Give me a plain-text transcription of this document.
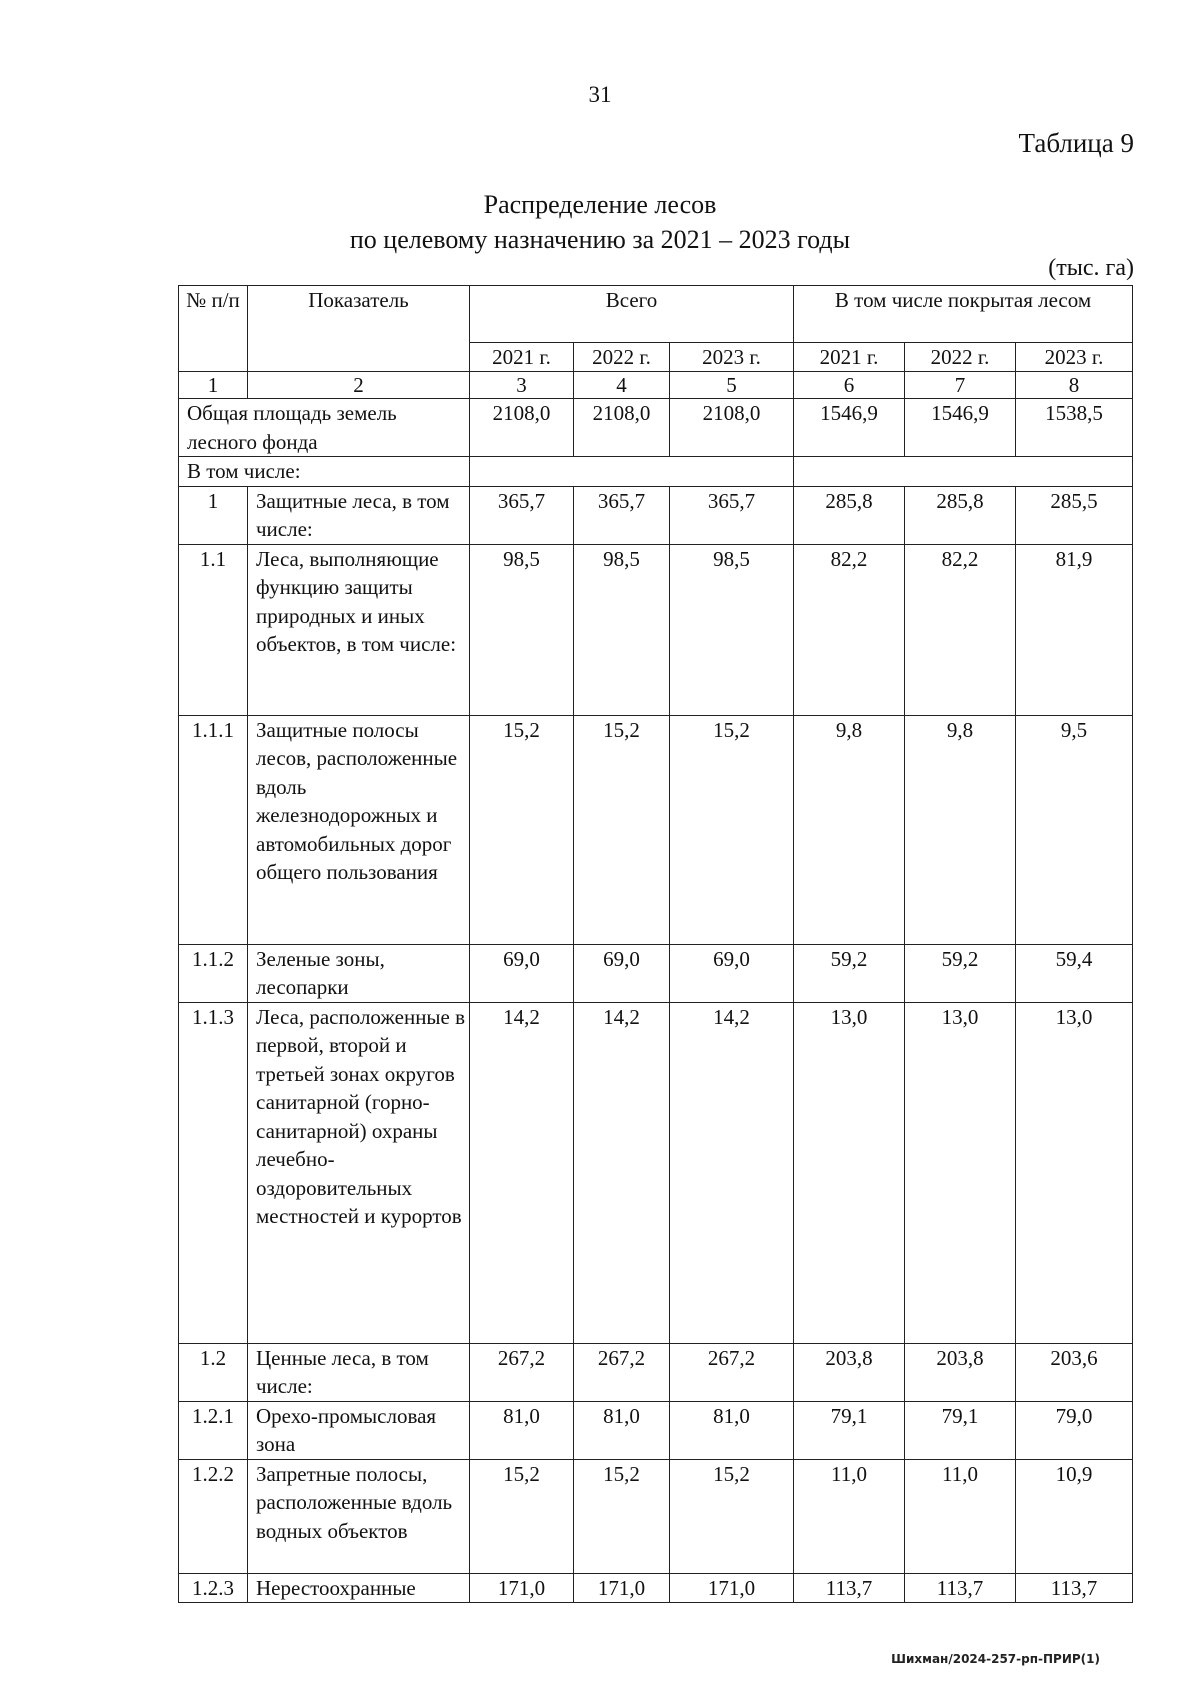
31
Таблица 9
Распределение лесов
по целевому назначению за 2021 – 2023 годы
(тыс. га)
№ п/п	Показатель	Всего			В том числе покрытая лесом		
		2021 г.	2022 г.	2023 г.	2021 г.	2022 г.	2023 г.
1	2	3	4	5	6	7	8
Общая площадь земель лесного фонда		2108,0	2108,0	2108,0	1546,9	1546,9	1538,5
В том числе:							
1	Защитные леса, в том числе:	365,7	365,7	365,7	285,8	285,8	285,5
1.1	Леса, выполняющие функцию защиты природных и иных объектов, в том числе:	98,5	98,5	98,5	82,2	82,2	81,9
1.1.1	Защитные полосы лесов, расположенные вдоль железнодорожных и автомобильных дорог общего пользования	15,2	15,2	15,2	9,8	9,8	9,5
1.1.2	Зеленые зоны, лесопарки	69,0	69,0	69,0	59,2	59,2	59,4
1.1.3	Леса, расположенные в первой, второй и третьей зонах округов санитарной (горно-санитарной) охраны лечебно-оздоровительных местностей и курортов	14,2	14,2	14,2	13,0	13,0	13,0
1.2	Ценные леса, в том числе:	267,2	267,2	267,2	203,8	203,8	203,6
1.2.1	Орехо-промысловая зона	81,0	81,0	81,0	79,1	79,1	79,0
1.2.2	Запретные полосы, расположенные вдоль водных объектов	15,2	15,2	15,2	11,0	11,0	10,9
1.2.3	Нерестоохранные	171,0	171,0	171,0	113,7	113,7	113,7
Шихман/2024-257-рп-ПРИР(1)
